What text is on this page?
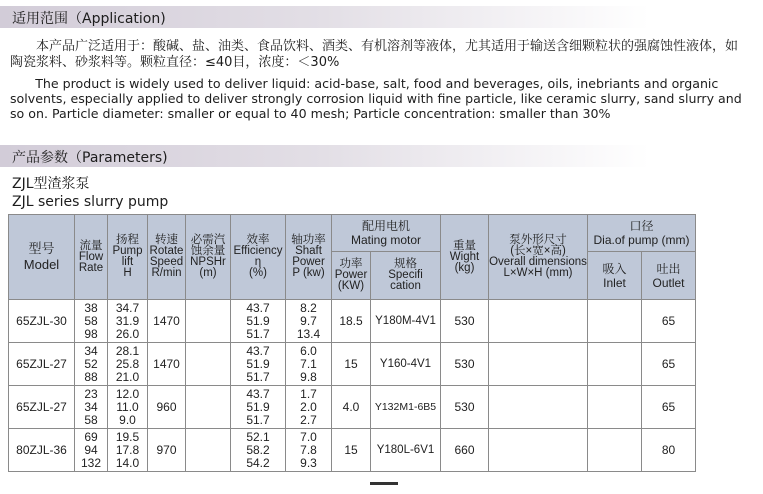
适用范围（Application)

　　本产品广泛适用于：酸碱、盐、油类、食品饮料、酒类、有机溶剂等液体，尤其适用于输送含细颗粒状的强腐蚀性液体，如陶瓷浆料、砂浆料等。颗粒直径：≤40目，浓度：＜30%

　　The product is widely used to deliver liquid: acid-base, salt, food and beverages, oils, inebriants and organic solvents, especially applied to deliver strongly corrosion liquid with fine particle, like ceramic slurry, sand slurry and so on. Particle diameter: smaller or equal to 40 mesh; Particle concentration: smaller than 30%

产品参数（Parameters)
ZJL型渣浆泵
ZJL series slurry pump
型号
Model	流量
Flow
Rate	扬程
Pump
lift
H	转速
Rotate
Speed
R/min	必需汽
蚀余量
NPSHr
(m)	效率
Efficiency
η
(%)	轴功率
Shaft
Power
P (kw)	配用电机
Mating motor		重量
Wight
(kg)	泵外形尺寸
(长×宽×高)
Overall dimensions
L×W×H (mm)	口径
Dia.of pump (mm)	

							功率
Power
(KW)	规格
Specifi
cation			吸入
Inlet	吐出
Outlet

65ZJL-30	38
58
98	34.7
31.9
26.0	1470		43.7
51.9
51.7	8.2
9.7
13.4	18.5	Y180M-4V1	530			65
65ZJL-27	34
52
88	28.1
25.8
21.0	1470		43.7
51.9
51.7	6.0
7.1
9.8	15	Y160-4V1	530			65
65ZJL-27	23
34
58	12.0
11.0
9.0	960		43.7
51.9
51.7	1.7
2.0
2.7	4.0	Y132M1-6B5	530			65
80ZJL-36	69
94
132	19.5
17.8
14.0	970		52.1
58.2
54.2	7.0
7.8
9.3	15	Y180L-6V1	660			80
